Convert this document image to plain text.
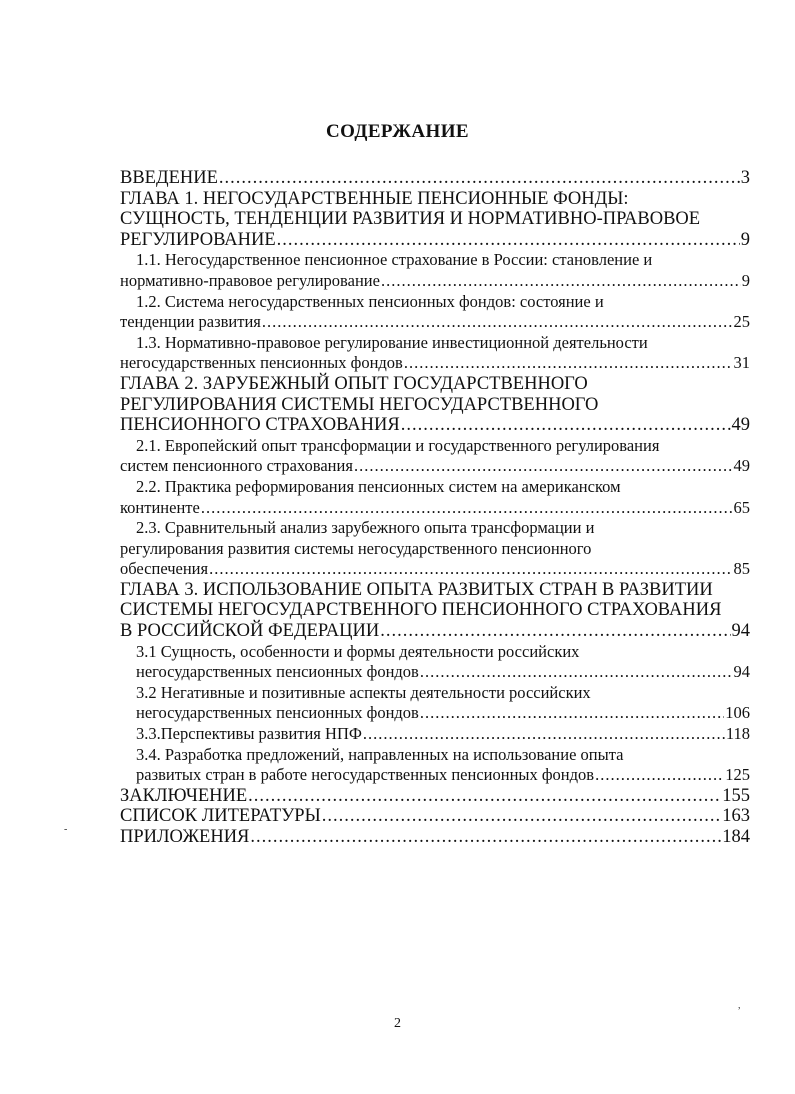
СОДЕРЖАНИЕ
ВВЕДЕНИЕ .....	3
ГЛАВА 1. НЕГОСУДАРСТВЕННЫЕ ПЕНСИОННЫЕ ФОНДЫ:
СУЩНОСТЬ, ТЕНДЕНЦИИ РАЗВИТИЯ И НОРМАТИВНО-ПРАВОВОЕ
РЕГУЛИРОВАНИЕ .....	9
1.1. Негосударственное пенсионное страхование в России: становление и
нормативно-правовое регулирование .....	9
1.2. Система негосударственных пенсионных фондов: состояние и
тенденции развития .....	25
1.3. Нормативно-правовое регулирование инвестиционной деятельности
негосударственных пенсионных фондов .....	31
ГЛАВА 2. ЗАРУБЕЖНЫЙ ОПЫТ ГОСУДАРСТВЕННОГО
РЕГУЛИРОВАНИЯ СИСТЕМЫ НЕГОСУДАРСТВЕННОГО
ПЕНСИОННОГО СТРАХОВАНИЯ .....	49
2.1. Европейский опыт трансформации и государственного регулирования
систем пенсионного страхования .....	49
2.2. Практика реформирования пенсионных систем на американском
континенте .....	65
2.3. Сравнительный анализ зарубежного опыта трансформации и
регулирования развития системы негосударственного пенсионного
обеспечения .....	85
ГЛАВА 3. ИСПОЛЬЗОВАНИЕ ОПЫТА РАЗВИТЫХ СТРАН В РАЗВИТИИ
СИСТЕМЫ НЕГОСУДАРСТВЕННОГО ПЕНСИОННОГО СТРАХОВАНИЯ
В РОССИЙСКОЙ ФЕДЕРАЦИИ .....	94
3.1 Сущность, особенности и формы деятельности российских
негосударственных пенсионных фондов .....	94
3.2 Негативные и позитивные аспекты деятельности российских
негосударственных пенсионных фондов .....	106
3.3.Перспективы развития НПФ .....	118
3.4. Разработка предложений, направленных на использование опыта
развитых стран в работе негосударственных пенсионных фондов .....	125
ЗАКЛЮЧЕНИЕ .....	155
СПИСОК ЛИТЕРАТУРЫ .....	163
ПРИЛОЖЕНИЯ .....	184
-
,
2
